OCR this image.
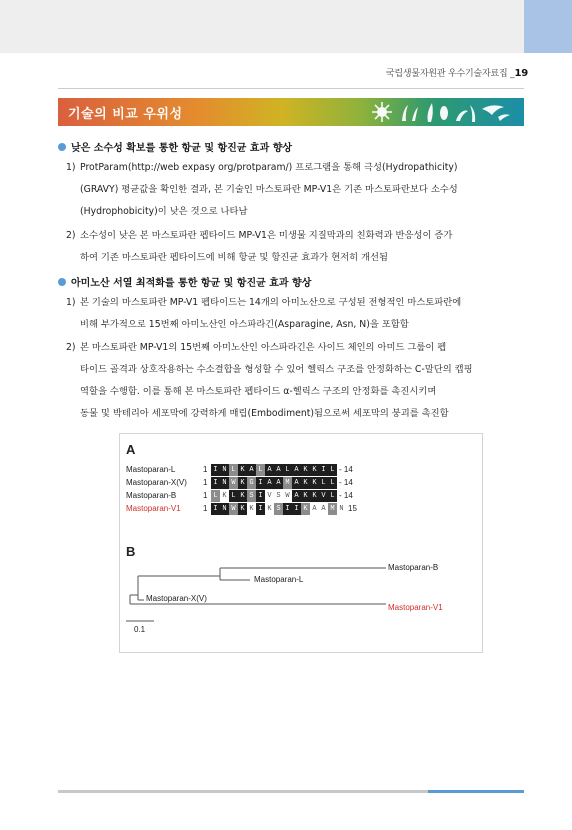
국립생물자원관 우수기술자료집 _19
기술의 비교 우위성
낮은 소수성 확보를 통한 항균 및 항진균 효과 향상
1) ProtParam(http://web expasy org/protparam/) 프로그램을 통해 극성(Hydropathicity)
(GRAVY) 평균값을 확인한 결과, 본 기술인 마스토파란 MP-V1은 기존 마스토파란보다 소수성
(Hydrophobicity)이 낮은 것으로 나타남
2) 소수성이 낮은 본 마스토파란 펩타이드 MP-V1은 미생물 지질막과의 친화력과 반응성이 증가
하여 기존 마스토파란 펩타이드에 비해 항균 및 항진균 효과가 현저히 개선됨
아미노산 서열 최적화를 통한 항균 및 항진균 효과 향상
1) 본 기술의 마스토파란 MP-V1 펩타이드는 14개의 아미노산으로 구성된 전형적인 마스토파란에
비해 부가적으로 15번째 아미노산인 아스파라긴(Asparagine, Asn, N)을 포함함
2) 본 마스토파란 MP-V1의 15번째 아미노산인 아스파라긴은 사이드 체인의 아미드 그룹이 펩
타이드 골격과 상호작용하는 수소결합을 형성할 수 있어 헬릭스 구조를 안정화하는 C-말단의 캡핑
역할을 수행함. 이를 통해 본 마스토파란 펩타이드 α-헬릭스 구조의 안정화를 촉진시키며
동물 및 박테리아 세포막에 강력하게 매립(Embodiment)됨으로써 세포막의 붕괴를 촉진함
A
Mastoparan-L	1 I N L K A L A A L A K K I L - 14
Mastoparan-X(V)	1 I N W K G I A A M A K K L L - 14
Mastoparan-B	1 L K L K S I V S W A K K V L - 14
Mastoparan-V1	1 I N W K K I K S I I K A A M N 15
B
Mastoparan-B
Mastoparan-L
Mastoparan-X(V)
Mastoparan-V1
0.1
